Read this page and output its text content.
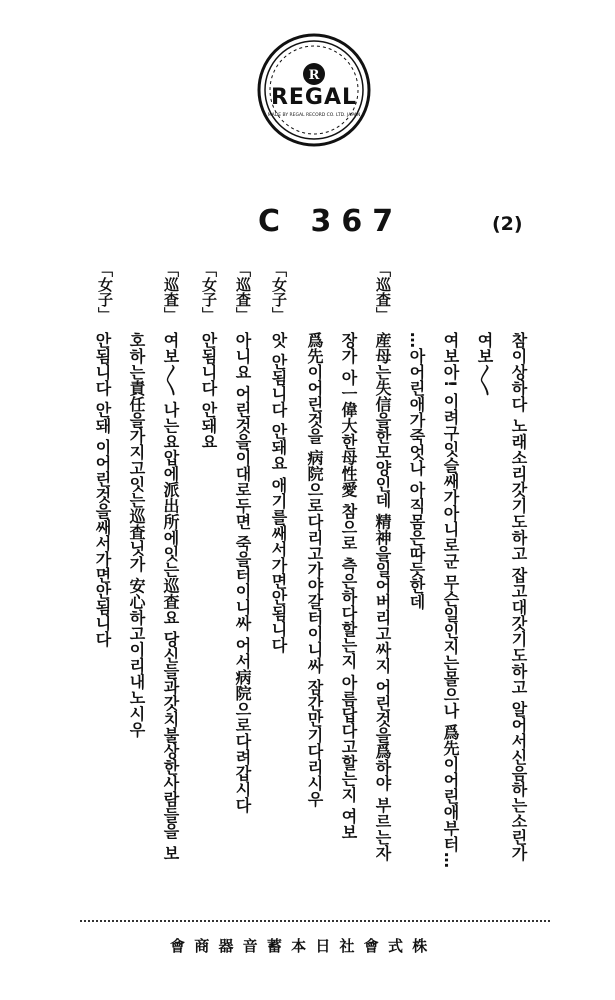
R
REGAL
MADE BY REGAL RECORD CO. LTD. JAPAN
C 367	(2)
「巡査」
「女子」
「巡査」
「女子」
「巡査」
「女子」
참이상하다 노래소리갓기도하고 잡고대갓기도하고 알어서신음하는소린가
여보〳〵
여보아! 이려구잇슬쌔가아니로군 무슨일인지는몰으나 爲先이어린애부터…
…아어린애가죽엇나 아직몸은따듯한데
産母는失信을한모양인데 精神을일어버리고싸지 어린것을爲하야 부르는자
장가 아ㅡ偉大한母性愛 참으로 측은하다할는지 아름답다고할는지 여보
爲先이어린것을 病院으로다리고가야갈터이니싸 잠간만기다리시우
앗 안됨니다 안돼요 애기를쌔서가면안됨니다
아니요 어린것을이대로두면 죽을터이니싸 어서病院으로다려갑시다
안됨니다 안돼요
여보〳〵 나는요압에派出所에잇는巡査요 당신들과갓치불상한사람들을 보
호하는責任을가지고잇는巡査닛가 安心하고이리내노시우
안됨니다 안돼 이어린것을쌔서가면안됨니다
會 商 器 音 蓄 本 日 社 會 式 株
